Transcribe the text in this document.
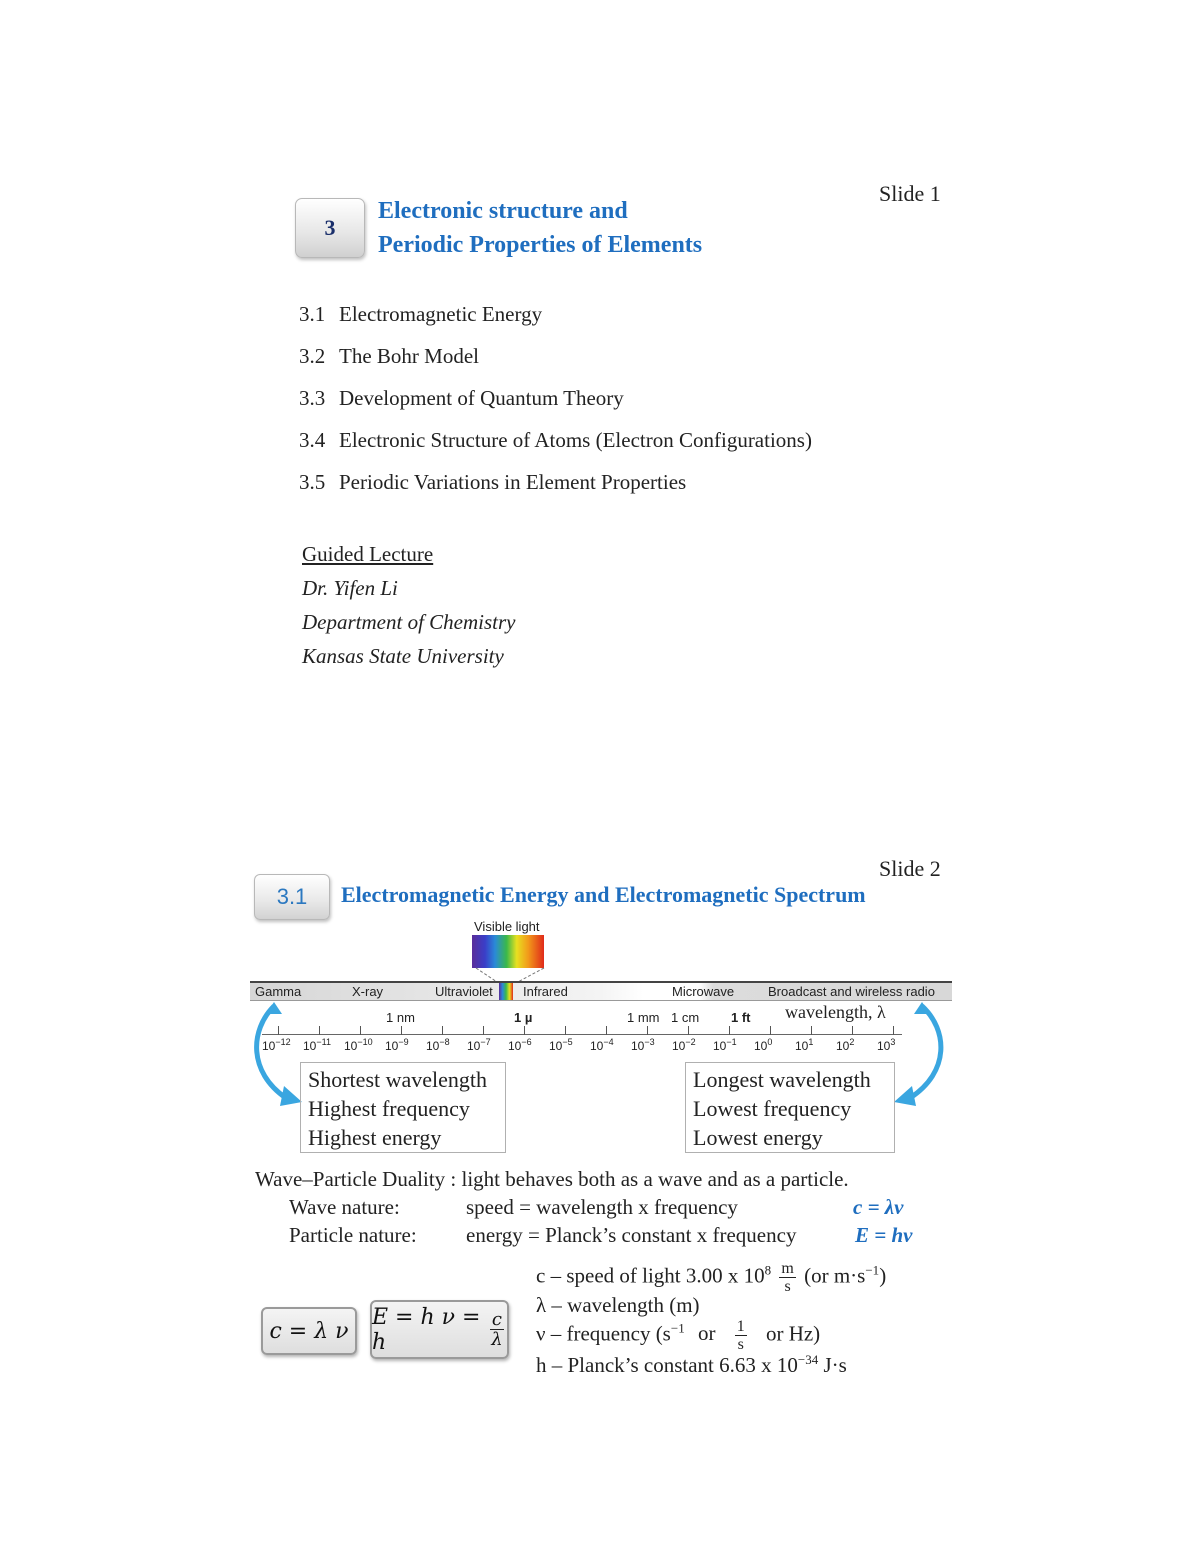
Slide 1
3
Electronic structure and
Periodic Properties of Elements
3.1 Electromagnetic Energy
3.2 The Bohr Model
3.3 Development of Quantum Theory
3.4 Electronic Structure of Atoms (Electron Configurations)
3.5 Periodic Variations in Element Properties
Guided Lecture
Dr. Yifen Li
Department of Chemistry
Kansas State University
Slide 2
3.1	Electromagnetic Energy and Electromagnetic Spectrum
Visible light
Gamma	X-ray	Ultraviolet Infrared	Microwave	Broadcast and wireless radio
1 nm	1 µ	1 mm 1 cm 1 ft wavelength, λ
$10^{-12}$ $10^{-11}$ $10^{-10}$ $10^{-9}$ $10^{-8}$ $10^{-7}$ $10^{-6}$ $10^{-5}$ $10^{-4}$ $10^{-3}$ $10^{-2}$ $10^{-1}$ $10^0$ $10^1$ $10^2$ $10^3$
Shortest wavelength
Highest frequency
Highest energy
Longest wavelength
Lowest frequency
Lowest energy
Wave–Particle Duality : light behaves both as a wave and as a particle.
Wave nature:	speed = wavelength x frequency	c = λν
Particle nature: energy = Planck’s constant x frequency	E = hν
c = λ ν
E = h ν = h	$\frac{c}{\lambda}$
c – speed of light 3.00 x $10^8 \frac{m}{s} (or$ $m\cdot s^{-1}$)
λ – wavelength (m)
ν – frequency ($s^{-1}$ or $\frac{1}{s}$ or Hz)
h – Planck’s constant 6.63 x $10^{-34}$ J·s
